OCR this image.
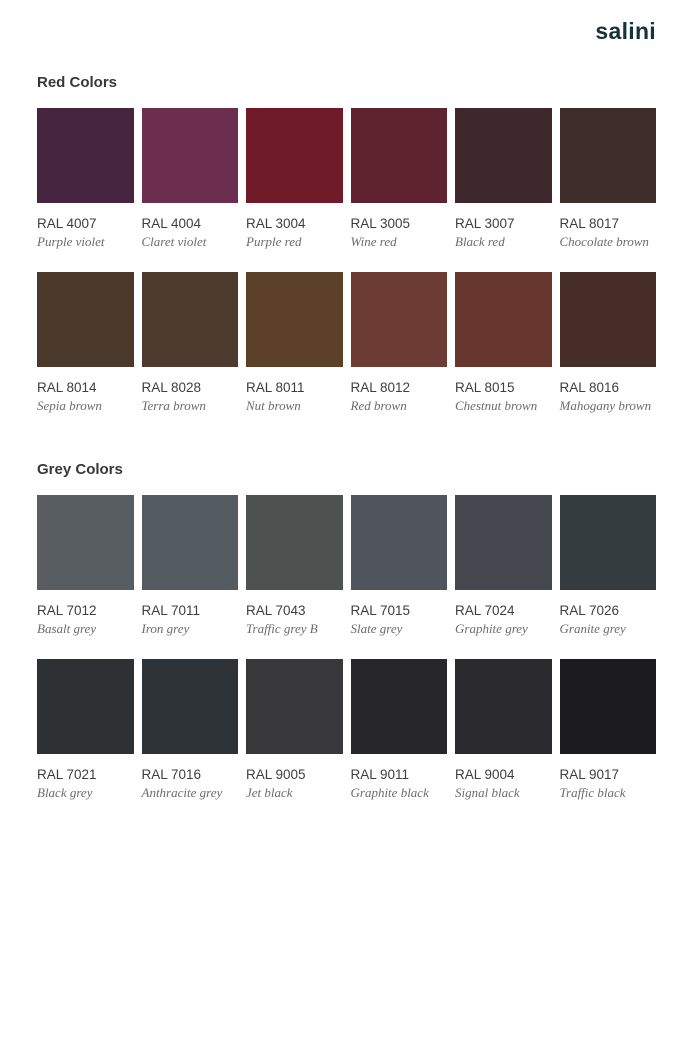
salini
Red Colors
RAL 4007
Purple violet
RAL 4004
Claret violet
RAL 3004
Purple red
RAL 3005
Wine red
RAL 3007
Black red
RAL 8017
Chocolate brown
RAL 8014
Sepia brown
RAL 8028
Terra brown
RAL 8011
Nut brown
RAL 8012
Red brown
RAL 8015
Chestnut brown
RAL 8016
Mahogany brown
Grey Colors
RAL 7012
Basalt grey
RAL 7011
Iron grey
RAL 7043
Traffic grey B
RAL 7015
Slate grey
RAL 7024
Graphite grey
RAL 7026
Granite grey
RAL 7021
Black grey
RAL 7016
Anthracite grey
RAL 9005
Jet black
RAL 9011
Graphite black
RAL 9004
Signal black
RAL 9017
Traffic black
